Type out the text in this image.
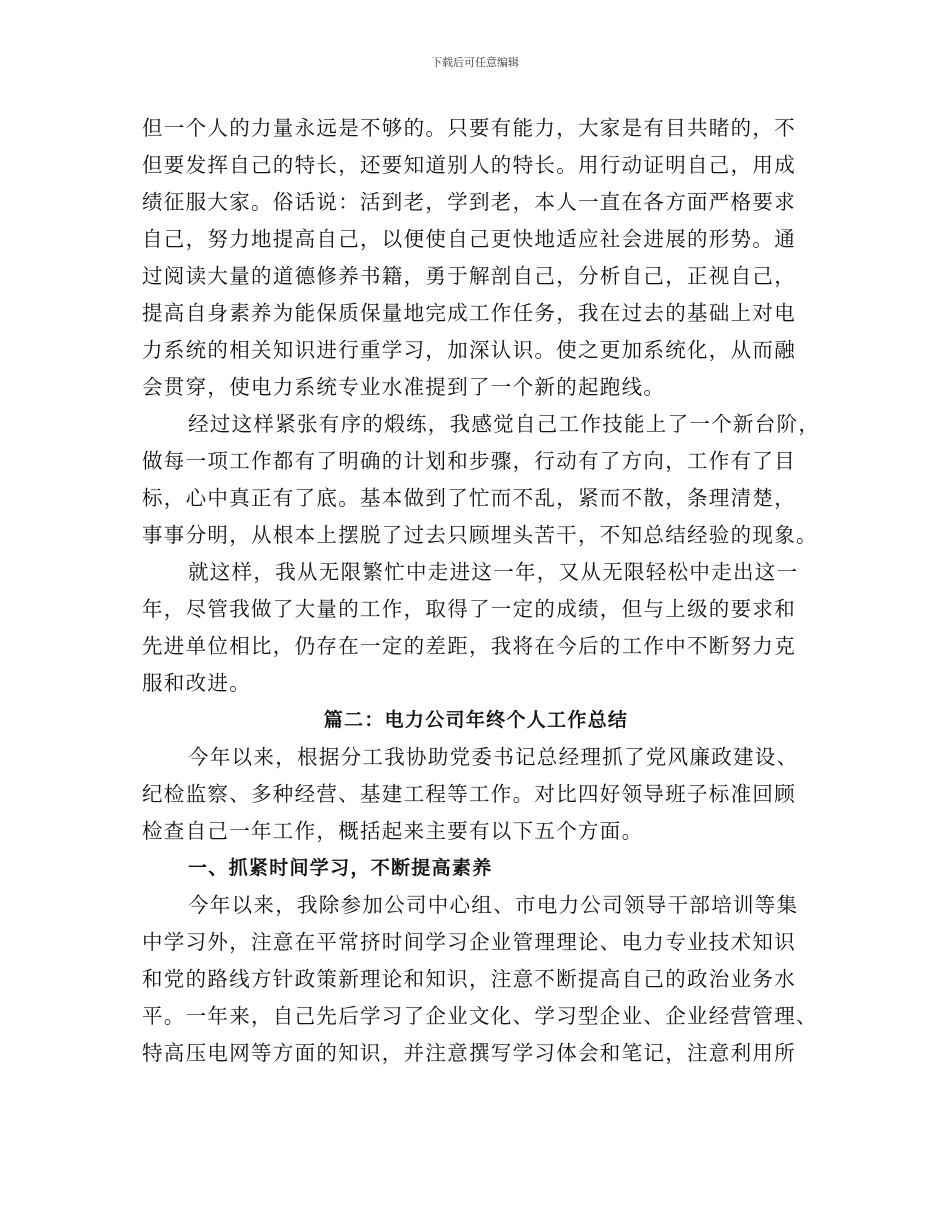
下载后可任意编辑
但一个人的力量永远是不够的。只要有能力，大家是有目共睹的，不
但要发挥自己的特长，还要知道别人的特长。用行动证明自己，用成
绩征服大家。俗话说：活到老，学到老，本人一直在各方面严格要求
自己，努力地提高自己，以便使自己更快地适应社会进展的形势。通
过阅读大量的道德修养书籍，勇于解剖自己，分析自己，正视自己，
提高自身素养为能保质保量地完成工作任务，我在过去的基础上对电
力系统的相关知识进行重学习，加深认识。使之更加系统化，从而融
会贯穿，使电力系统专业水准提到了一个新的起跑线。
经过这样紧张有序的煅练，我感觉自己工作技能上了一个新台阶，
做每一项工作都有了明确的计划和步骤，行动有了方向，工作有了目
标，心中真正有了底。基本做到了忙而不乱，紧而不散，条理清楚，
事事分明，从根本上摆脱了过去只顾埋头苦干，不知总结经验的现象。
就这样，我从无限繁忙中走进这一年，又从无限轻松中走出这一
年，尽管我做了大量的工作，取得了一定的成绩，但与上级的要求和
先进单位相比，仍存在一定的差距，我将在今后的工作中不断努力克
服和改进。
篇二：电力公司年终个人工作总结
今年以来，根据分工我协助党委书记总经理抓了党风廉政建设、
纪检监察、多种经营、基建工程等工作。对比四好领导班子标准回顾
检查自己一年工作，概括起来主要有以下五个方面。
一、抓紧时间学习，不断提高素养
今年以来，我除参加公司中心组、市电力公司领导干部培训等集
中学习外，注意在平常挤时间学习企业管理理论、电力专业技术知识
和党的路线方针政策新理论和知识，注意不断提高自己的政治业务水
平。一年来，自己先后学习了企业文化、学习型企业、企业经营管理、
特高压电网等方面的知识，并注意撰写学习体会和笔记，注意利用所
